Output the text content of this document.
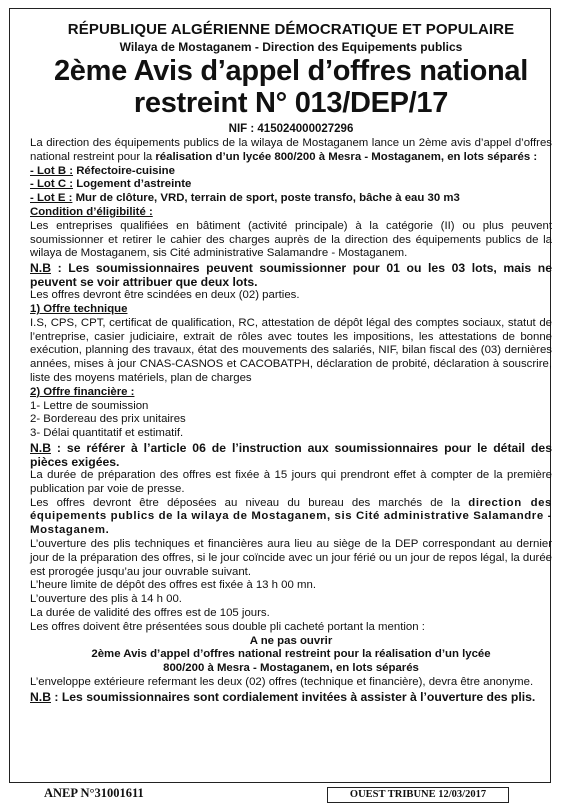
RÉPUBLIQUE ALGÉRIENNE DÉMOCRATIQUE ET POPULAIRE
Wilaya de Mostaganem - Direction des Equipements publics
2ème Avis d’appel d’offres national
restreint N° 013/DEP/17
NIF : 415024000027296
La direction des équipements publics de la wilaya de Mostaganem lance un 2ème avis d’appel d’offres national restreint pour la réalisation d’un lycée 800/200 à Mesra - Mostaganem, en lots séparés :
- Lot B : Réfectoire-cuisine
- Lot C : Logement d’astreinte
- Lot E : Mur de clôture, VRD, terrain de sport, poste transfo, bâche à eau 30 m3
Condition d’éligibilité :
Les entreprises qualifiées en bâtiment (activité principale) à la catégorie (II) ou plus peuvent soumissionner et retirer le cahier des charges auprès de la direction des équipements publics de la wilaya de Mostaganem, sis Cité administrative Salamandre - Mostaganem.
N.B : Les soumissionnaires peuvent soumissionner pour 01 ou les 03 lots, mais ne peuvent se voir attribuer que deux lots.
Les offres devront être scindées en deux (02) parties.
1) Offre technique
I.S, CPS, CPT, certificat de qualification, RC, attestation de dépôt légal des comptes sociaux, statut de l’entreprise, casier judiciaire, extrait de rôles avec toutes les impositions, les attestations de bonne exécution, planning des travaux, état des mouvements des salariés, NIF, bilan fiscal des (03) dernières années, mises à jour CNAS-CASNOS et CACOBATPH, déclaration de probité, déclaration à souscrire, liste des moyens matériels, plan de charges
2) Offre financière :
1- Lettre de soumission
2- Bordereau des prix unitaires
3- Délai quantitatif et estimatif.
N.B : se référer à l’article 06 de l’instruction aux soumissionnaires pour le détail des pièces exigées.
La durée de préparation des offres est fixée à 15 jours qui prendront effet à compter de la première publication par voie de presse.
Les offres devront être déposées au niveau du bureau des marchés de la direction des équipements publics de la wilaya de Mostaganem, sis Cité administrative Salamandre - Mostaganem.
L’ouverture des plis techniques et financières aura lieu au siège de la DEP correspondant au dernier jour de la préparation des offres, si le jour coïncide avec un jour férié ou un jour de repos légal, la durée est prorogée jusqu’au jour ouvrable suivant.
L’heure limite de dépôt des offres est fixée à 13 h 00 mn.
L’ouverture des plis à 14 h 00.
La durée de validité des offres est de 105 jours.
Les offres doivent être présentées sous double pli cacheté portant la mention :
A ne pas ouvrir
2ème Avis d’appel d’offres national restreint pour la réalisation d’un lycée
800/200 à Mesra - Mostaganem, en lots séparés
L’enveloppe extérieure refermant les deux (02) offres (technique et financière), devra être anonyme.
N.B : Les soumissionnaires sont cordialement invitées à assister à l’ouverture des plis.
ANEP N°31001611	OUEST TRIBUNE 12/03/2017
